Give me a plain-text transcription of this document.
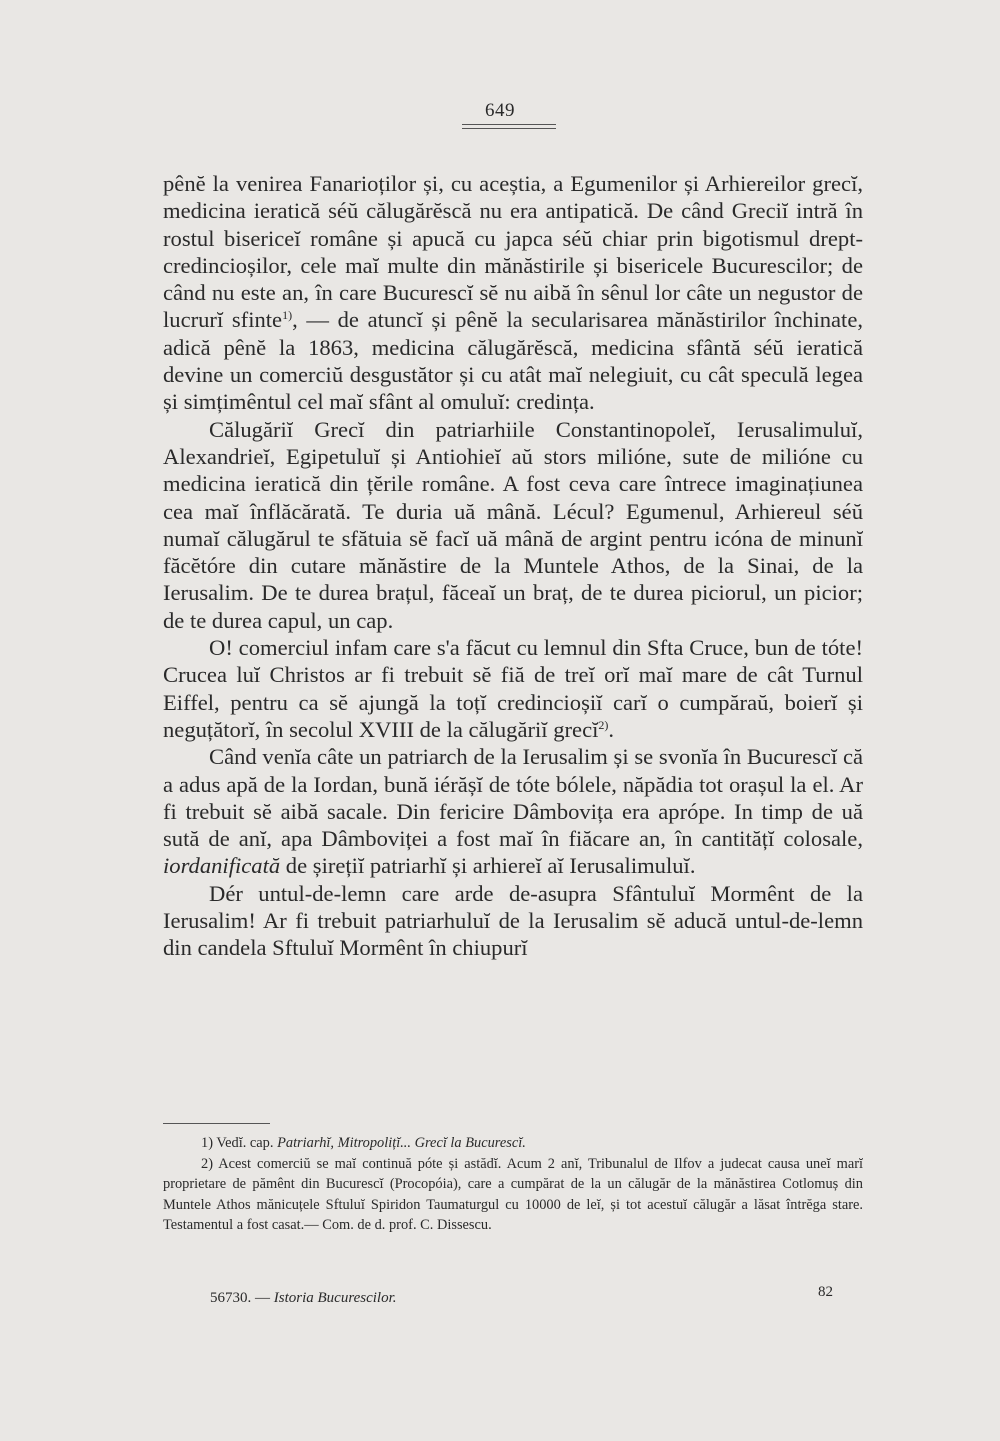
649

pênĕ la venirea Fanarioților și, cu aceștia, a Egumenilor și Arhiereilor grecĭ, medicina ieratică séŭ călugărĕscă nu era antipatică. De când Greciĭ intră în rostul bisericeĭ române și apucă cu japca séŭ chiar prin bigotismul drept-credincioșilor, cele maĭ multe din mănăstirile și bisericele Bucurescilor; de când nu este an, în care Bucurescĭ sĕ nu aibă în sênul lor câte un negustor de lucrurĭ sfinte$^{1)}$, — de atuncĭ și pênĕ la secularisarea mănăstirilor închinate, adică pênĕ la 1863, medicina călugărĕscă, medicina sfântă séŭ ieratică devine un comerciŭ desgustător și cu atât maĭ nelegiuit, cu cât speculă legea și simțimêntul cel maĭ sfânt al omuluĭ: credința.

Călugăriĭ Grecĭ din patriarhiile Constantinopoleĭ, Ierusalimuluĭ, Alexandrieĭ, Egipetuluĭ și Antiohieĭ aŭ stors milióne, sute de milióne cu medicina ieratică din țĕrile române. A fost ceva care întrece imaginațiunea cea maĭ înflăcărată. Te duria uă mână. Lécul? Egumenul, Arhiereul séŭ numaĭ călugărul te sfătuia sĕ facĭ uă mână de argint pentru icóna de minunĭ făcĕtóre din cutare mănăstire de la Muntele Athos, de la Sinai, de la Ierusalim. De te durea brațul, făceaĭ un braț, de te durea piciorul, un picior; de te durea capul, un cap.

O! comerciul infam care s'a făcut cu lemnul din Sfta Cruce, bun de tóte! Crucea luĭ Christos ar fi trebuit sĕ fiă de treĭ orĭ maĭ mare de cât Turnul Eiffel, pentru ca sĕ ajungă la toțĭ credincioșiĭ carĭ o cumpăraŭ, boierĭ și neguțătorĭ, în secolul XVIII de la călugăriĭ grecĭ$^{2)}$.

Când venĭa câte un patriarch de la Ierusalim și se svonĭa în Bucurescĭ că a adus apă de la Iordan, bună iérășĭ de tóte bólele, năpădia tot orașul la el. Ar fi trebuit sĕ aibă sacale. Din fericire Dâmbovița era aprópe. In timp de uă sută de anĭ, apa Dâmboviței a fost maĭ în fiăcare an, în cantitățĭ colosale, iordanificată de șirețiĭ patriarhĭ și arhiereĭ aĭ Ierusalimuluĭ.

Dér untul-de-lemn care arde de-asupra Sfântuluĭ Mormênt de la Ierusalim! Ar fi trebuit patriarhuluĭ de la Ierusalim sĕ aducă untul-de-lemn din candela Sftuluĭ Mormênt în chiupurĭ

1) Vedĭ. cap. Patriarhĭ, Mitropolițĭ... Grecĭ la Bucurescĭ.

2) Acest comerciŭ se maĭ continuă póte și astădĭ. Acum 2 anĭ, Tribunalul de Ilfov a judecat causa uneĭ marĭ proprietare de pămênt din Bucurescĭ (Procopóia), care a cumpărat de la un călugăr de la mănăstirea Cotlomuș din Muntele Athos mănicuțele Sftuluĭ Spiridon Taumaturgul cu 10000 de leĭ, și tot acestuĭ călugăr a lăsat întrĕga stare. Testamentul a fost casat.— Com. de d. prof. C. Dissescu.

56730. — Istoria Bucurescilor.	82
